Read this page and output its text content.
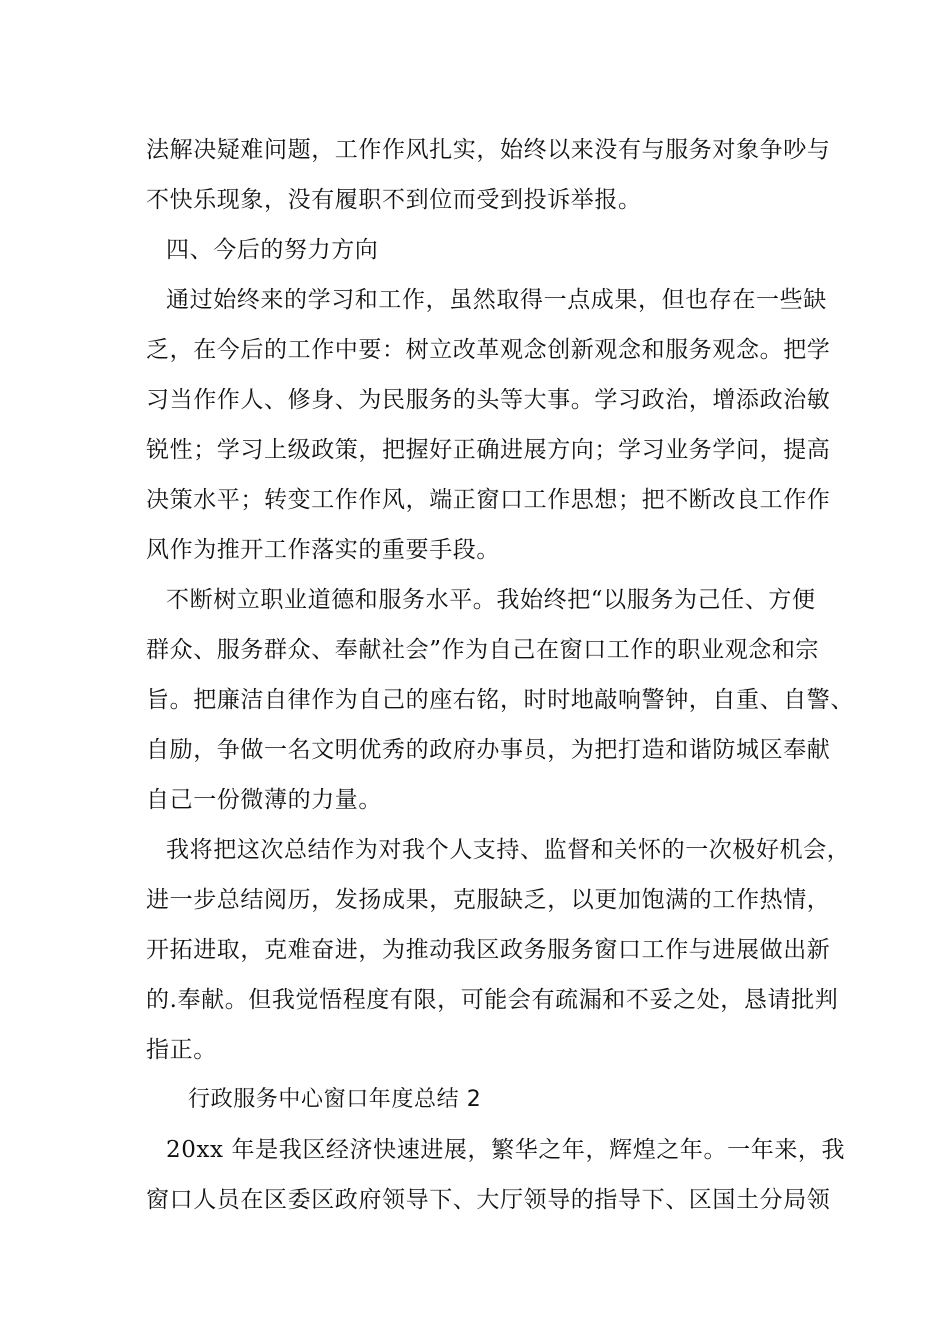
法解决疑难问题，工作作风扎实，始终以来没有与服务对象争吵与
不快乐现象，没有履职不到位而受到投诉举报。
四、今后的努力方向
通过始终来的学习和工作，虽然取得一点成果，但也存在一些缺
乏，在今后的工作中要：树立改革观念创新观念和服务观念。把学
习当作作人、修身、为民服务的头等大事。学习政治，增添政治敏
锐性；学习上级政策，把握好正确进展方向；学习业务学问，提高
决策水平；转变工作作风，端正窗口工作思想；把不断改良工作作
风作为推开工作落实的重要手段。
不断树立职业道德和服务水平。我始终把“以服务为己任、方便
群众、服务群众、奉献社会”作为自己在窗口工作的职业观念和宗
旨。把廉洁自律作为自己的座右铭，时时地敲响警钟，自重、自警、
自励，争做一名文明优秀的政府办事员，为把打造和谐防城区奉献
自己一份微薄的力量。
我将把这次总结作为对我个人支持、监督和关怀的一次极好机会，
进一步总结阅历，发扬成果，克服缺乏，以更加饱满的工作热情，
开拓进取，克难奋进，为推动我区政务服务窗口工作与进展做出新
的.奉献。但我觉悟程度有限，可能会有疏漏和不妥之处，恳请批判
指正。
行政服务中心窗口年度总结 2
20xx 年是我区经济快速进展，繁华之年，辉煌之年。一年来，我
窗口人员在区委区政府领导下、大厅领导的指导下、区国土分局领
